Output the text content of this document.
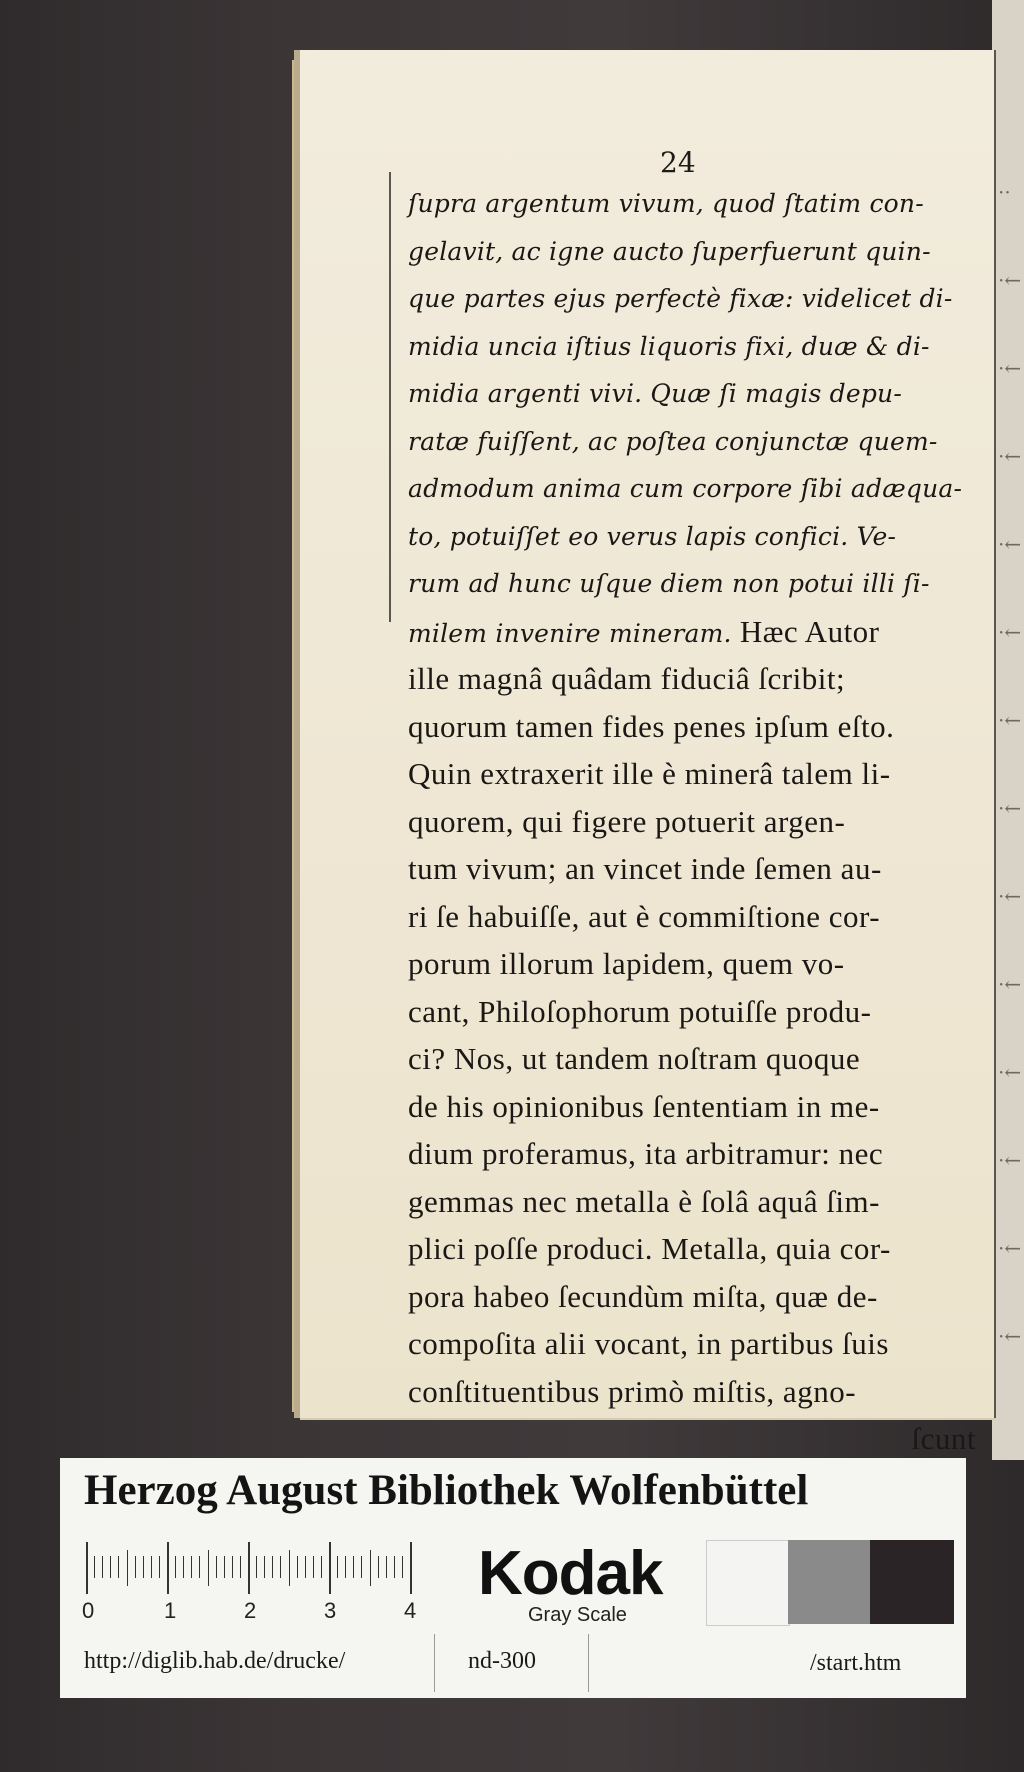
24
ſupra argentum vivum, quod ſtatim con-
gelavit, ac igne aucto ſuperfuerunt quin-
que partes ejus perfectè fixæ: videlicet di-
midia uncia iſtius liquoris fixi, duæ & di-
midia argenti vivi. Quæ ſi magis depu-
ratæ fuiſſent, ac poſtea conjunctæ quem-
admodum anima cum corpore ſibi adæqua-
to, potuiſſet eo verus lapis confici. Ve-
rum ad hunc uſque diem non potui illi ſi-
milem invenire mineram. Hæc Autor
ille magnâ quâdam fiduciâ ſcribit;
quorum tamen fides penes ipſum eſto.
Quin extraxerit ille è minerâ talem li-
quorem, qui figere potuerit argen-
tum vivum; an vincet inde ſemen au-
ri ſe habuiſſe, aut è commiſtione cor-
porum illorum lapidem, quem vo-
cant, Philoſophorum potuiſſe produ-
ci? Nos, ut tandem noſtram quoque
de his opinionibus ſententiam in me-
dium proferamus, ita arbitramur: nec
gemmas nec metalla è ſolâ aquâ ſim-
plici poſſe produci. Metalla, quia cor-
pora habeo ſecundùm miſta, quæ de-
compoſita alii vocant, in partibus ſuis
conſtituentibus primò miſtis, agno-
ſcunt
Herzog August Bibliothek Wolfenbüttel
0	1	2	3	4
Kodak
Gray Scale
http://diglib.hab.de/drucke/	nd-300	/start.htm
··
·←
·←
·←
·←
·←
·←
·←
·←
·←
·←
·←
·←
·←
